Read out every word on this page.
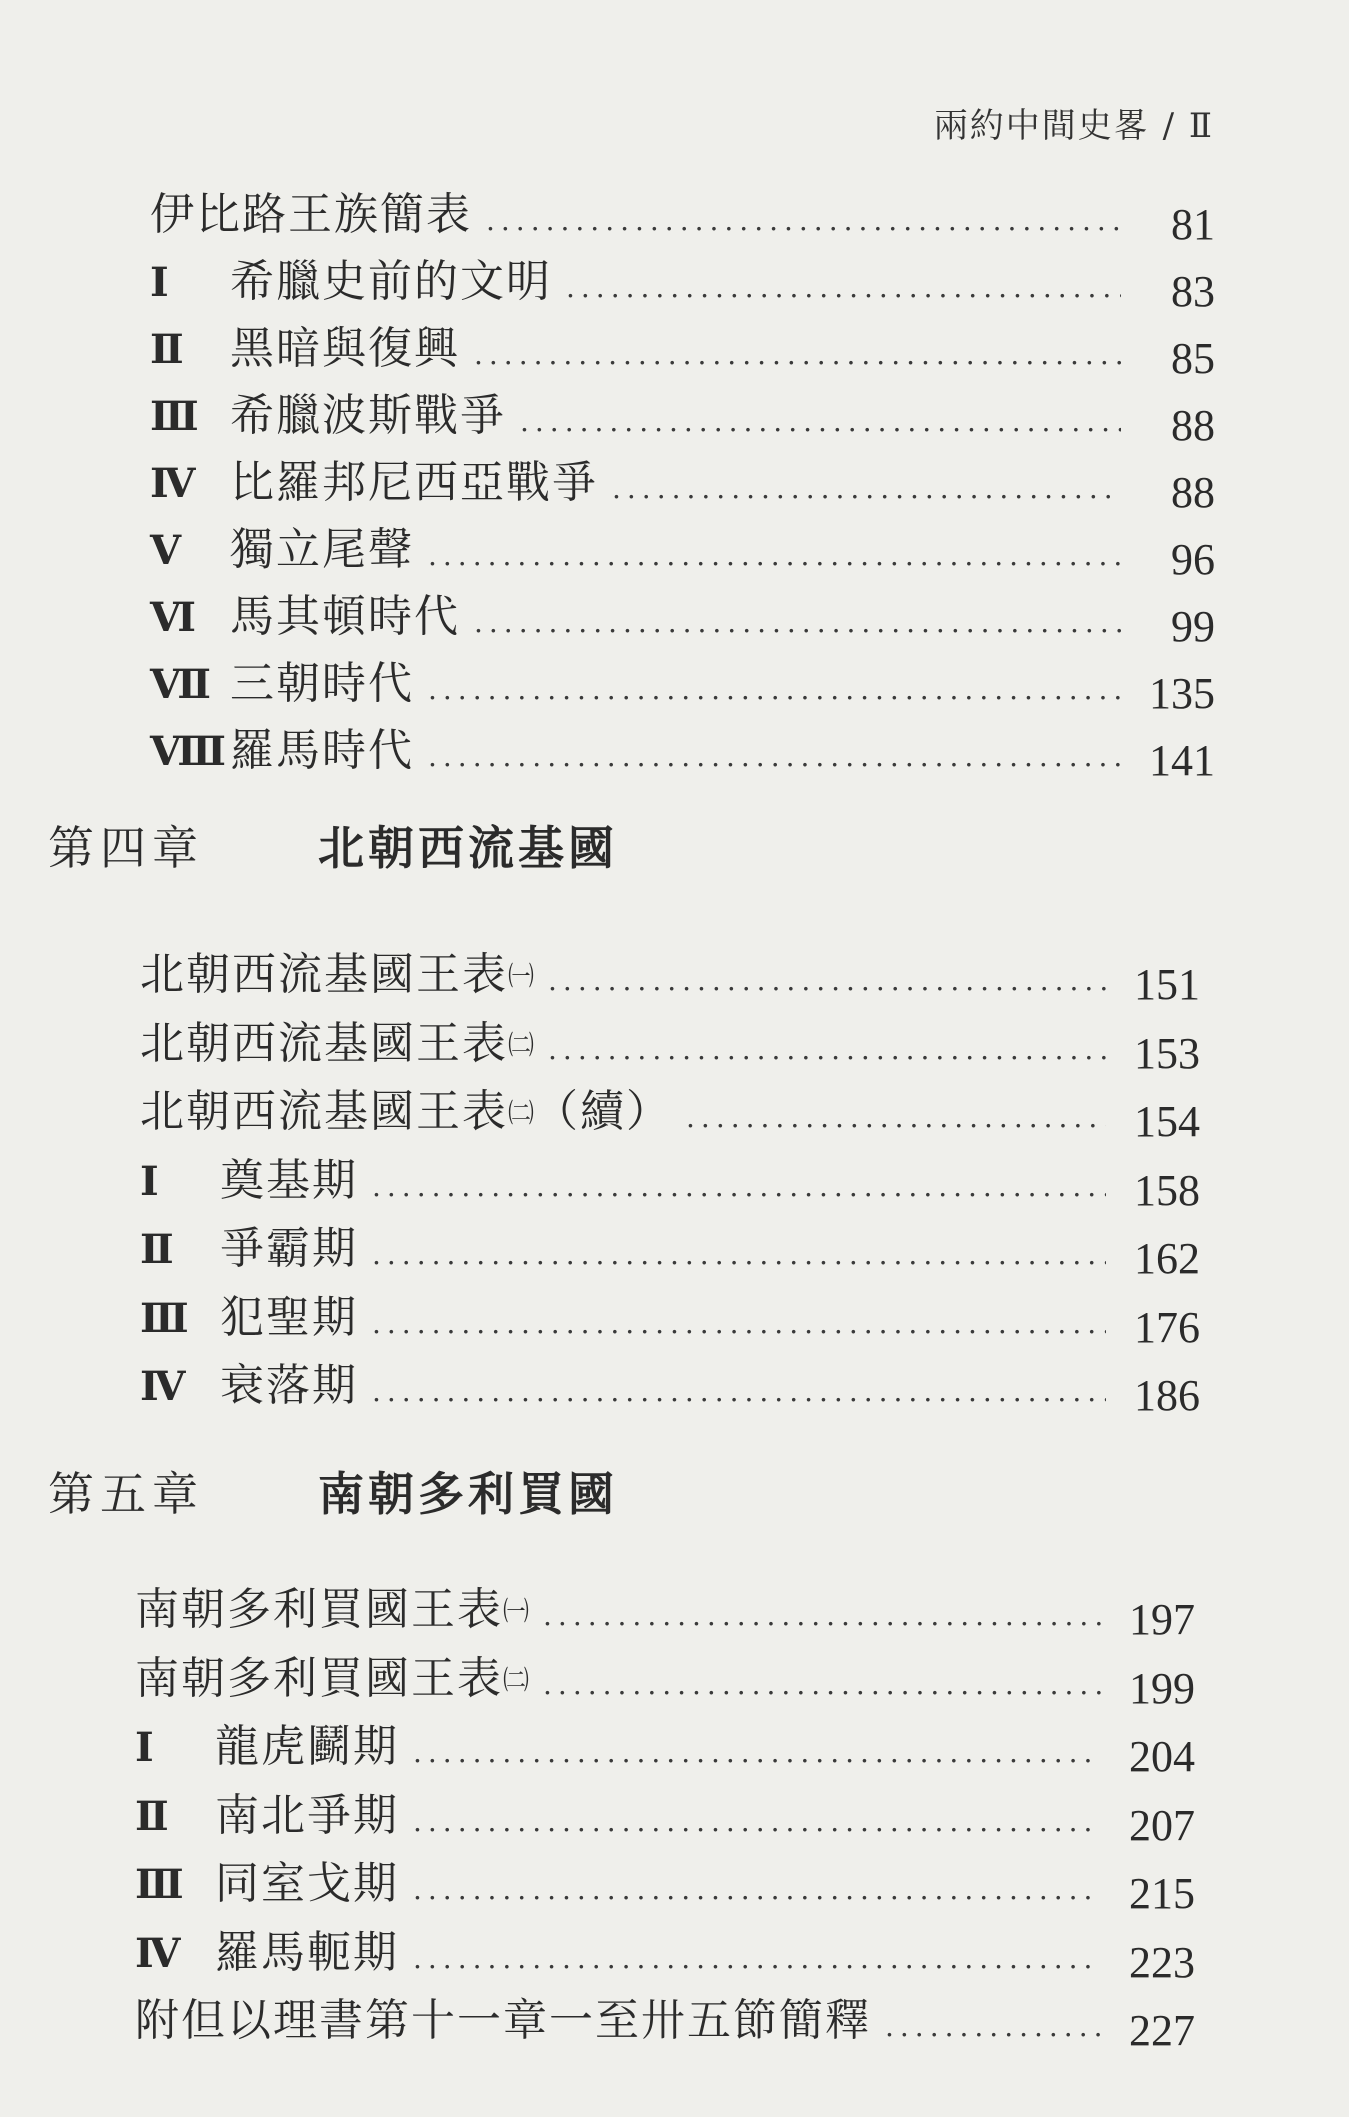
兩約中間史畧 / Ⅱ
伊比路王族簡表 .....	81
Ⅰ 希臘史前的文明 .....	83
Ⅱ 黑暗與復興 .....	85
Ⅲ 希臘波斯戰爭 .....	88
Ⅳ 比羅邦尼西亞戰爭 .....	88
Ⅴ 獨立尾聲 .....	96
Ⅵ 馬其頓時代 .....	99
Ⅶ 三朝時代 .....	135
Ⅷ 羅馬時代 .....	141
第四章	北朝西流基國
北朝西流基國王表㈠ .....	151
北朝西流基國王表㈡ .....	153
北朝西流基國王表㈡（續） .....	154
Ⅰ 奠基期 .....	158
Ⅱ 爭霸期 .....	162
Ⅲ 犯聖期 .....	176
Ⅳ 衰落期 .....	186
第五章	南朝多利買國
南朝多利買國王表㈠ .....	197
南朝多利買國王表㈡ .....	199
Ⅰ 龍虎鬬期 .....	204
Ⅱ 南北爭期 .....	207
Ⅲ 同室戈期 .....	215
Ⅳ 羅馬軛期 .....	223
附但以理書第十一章一至卅五節簡釋 .....	227
